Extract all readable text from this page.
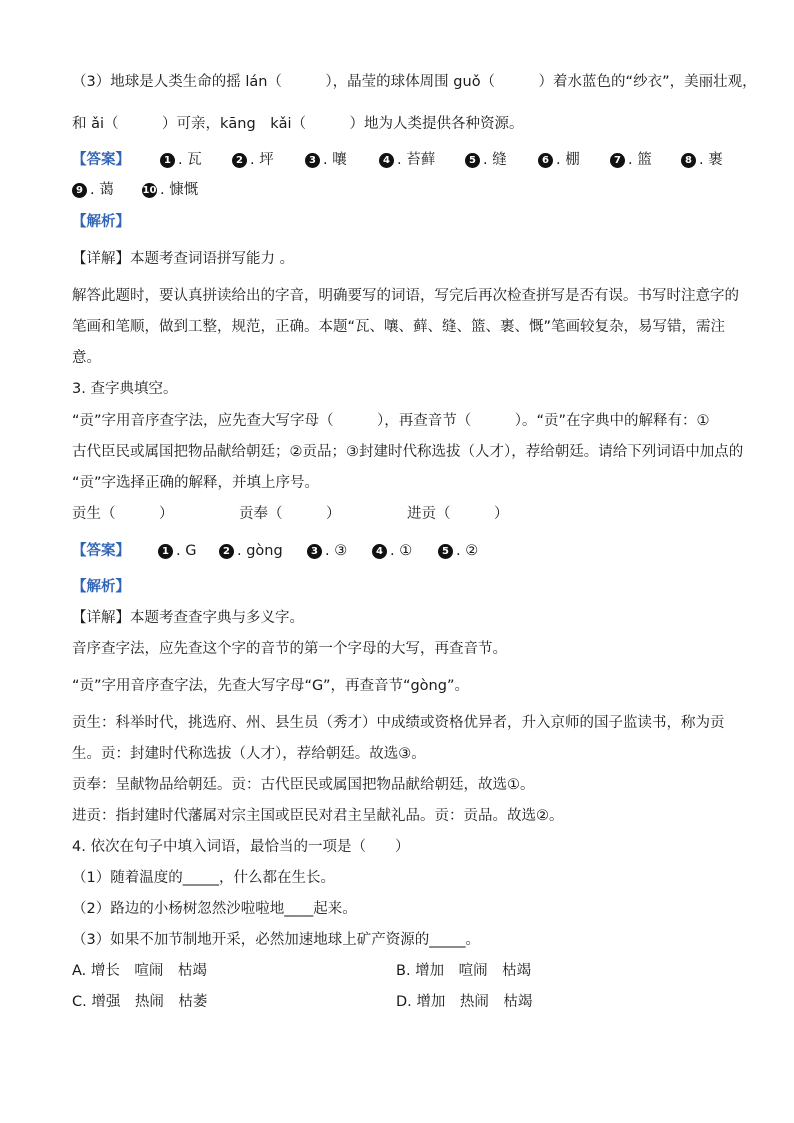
（3）地球是人类生命的摇 lán（　　　），晶莹的球体周围 guǒ（　　　）着水蓝色的“纱衣”，美丽壮观，
和 ǎi（　　　）可亲，kāng　kǎi（　　　）地为人类提供各种资源。
【答案】	1 . 瓦	2 . 坪	3 . 嚷	4 . 苔藓	5 . 缝	6 . 棚	7 . 篮	8 . 裹
9 . 蔼	10 . 慷慨
【解析】
【详解】本题考查词语拼写能力 。
解答此题时，要认真拼读给出的字音，明确要写的词语，写完后再次检查拼写是否有误。书写时注意字的
笔画和笔顺，做到工整，规范，正确。本题“瓦、嚷、藓、缝、篮、裹、慨”笔画较复杂，易写错，需注
意。
3. 查字典填空。
“贡”字用音序查字法，应先查大写字母（　　　），再查音节（　　　）。“贡”在字典中的解释有：①
古代臣民或属国把物品献给朝廷；②贡品；③封建时代称选拔（人才），荐给朝廷。请给下列词语中加点的
“贡”字选择正确的解释，并填上序号。
贡生（　　　）	贡奉（　　　）	进贡（　　　）
【答案】	1 . G	2 . gòng	3 . ③	4 . ①	5 . ②
【解析】
【详解】本题考查查字典与多义字。
音序查字法，应先查这个字的音节的第一个字母的大写，再查音节。
“贡”字用音序查字法，先查大写字母“G”，再查音节“gòng”。
贡生：科举时代，挑选府、州、县生员（秀才）中成绩或资格优异者，升入京师的国子监读书，称为贡
生。贡：封建时代称选拔（人才），荐给朝廷。故选③。
贡奉：呈献物品给朝廷。贡：古代臣民或属国把物品献给朝廷，故选①。
进贡：指封建时代藩属对宗主国或臣民对君主呈献礼品。贡：贡品。故选②。
4. 依次在句子中填入词语，最恰当的一项是（　　）
（1）随着温度的_____，什么都在生长。
（2）路边的小杨树忽然沙啦啦地____起来。
（3）如果不加节制地开采，必然加速地球上矿产资源的_____。
A. 增长　喧闹　枯竭	B. 增加　喧闹　枯竭
C. 增强　热闹　枯萎	D. 增加　热闹　枯竭
